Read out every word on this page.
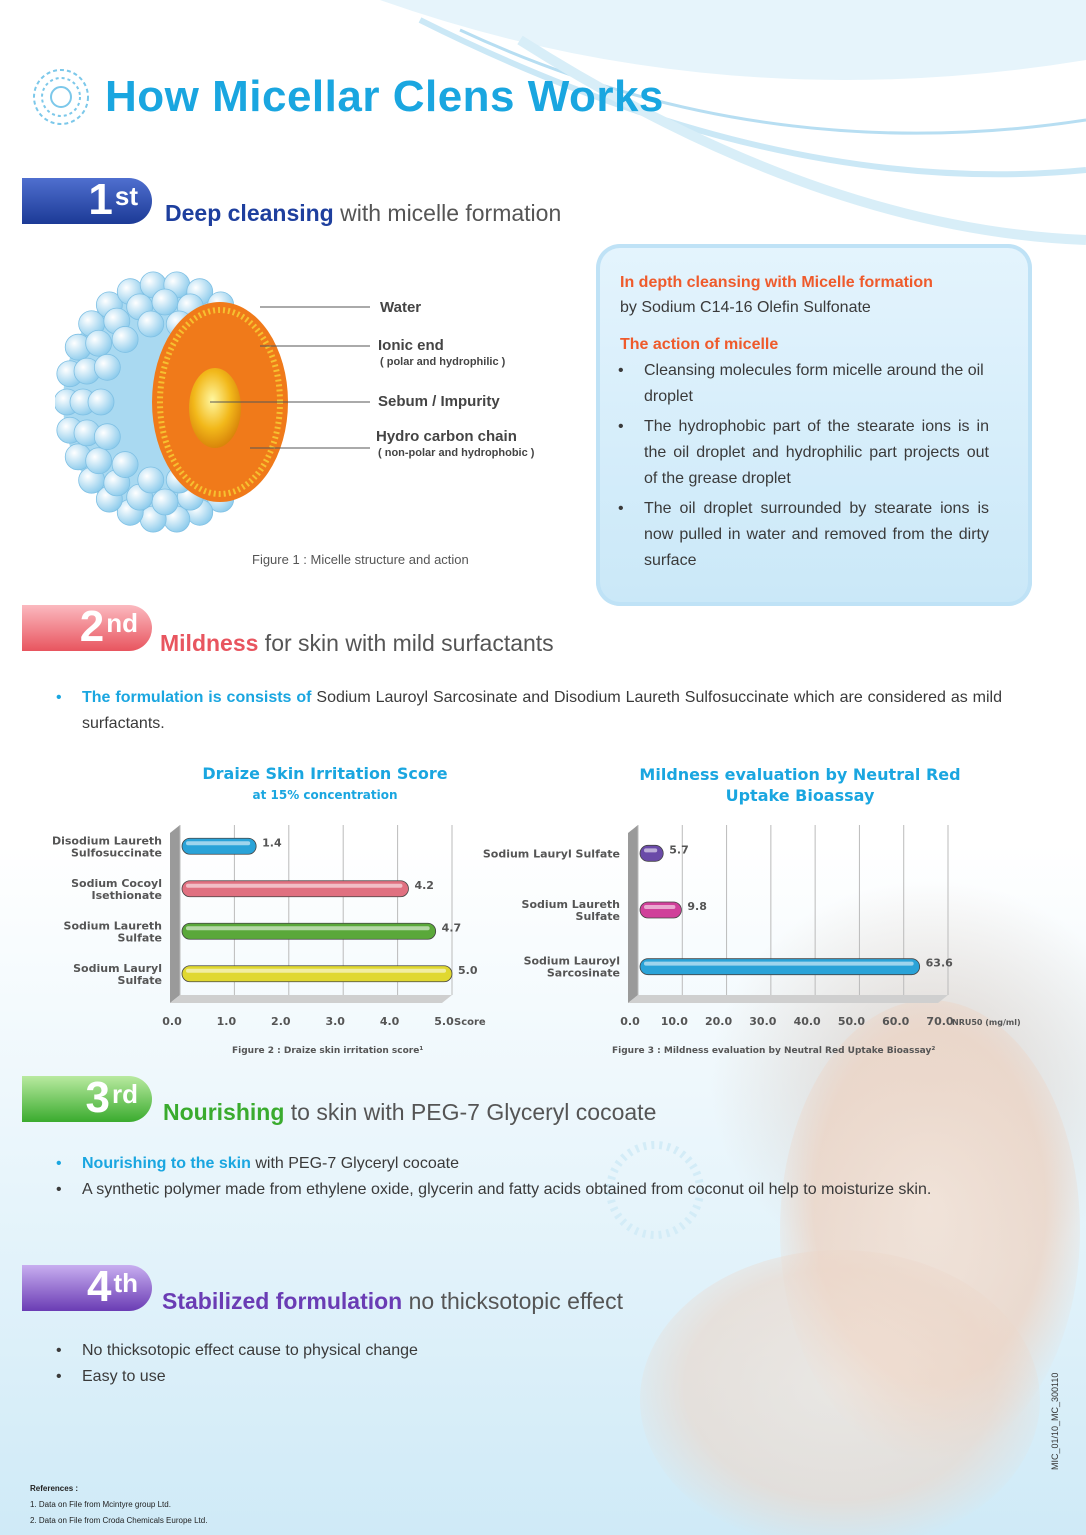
How Micellar Clens Works
1st
Deep cleansing with micelle formation
Water
Ionic end
( polar and hydrophilic )
Sebum / Impurity
Hydro carbon chain
( non-polar and hydrophobic )
Figure 1 : Micelle structure and action
In depth cleansing with Micelle formation
by Sodium C14-16 Olefin Sulfonate
The action of micelle
• Cleansing molecules form micelle around the oil droplet
• The hydrophobic part of the stearate ions is in the oil droplet and hydrophilic part projects out of the grease droplet
• The oil droplet surrounded by stearate ions is now pulled in water and removed from the dirty surface
2nd
Mildness for skin with mild surfactants
• The formulation is consists of Sodium Lauroyl Sarcosinate and Disodium Laureth Sulfosuccinate which are considered as mild surfactants.
Draize Skin Irritation Score
at 15% concentration
0.0	1.0	2.0	3.0	4.0	5.0 Score
1.4
Disodium Laureth
Sulfosuccinate
4.2
Sodium Cocoyl
Isethionate
4.7
Sodium Laureth
Sulfate
5.0
Sodium Lauryl
Sulfate
Figure 2 : Draize skin irritation score¹
Mildness evaluation by Neutral Red
Uptake Bioassay
0.0 10.0 20.0 30.0 40.0 50.0 60.0 70.0
NRU50 (mg/ml)
5.7
Sodium Lauryl Sulfate
9.8
Sodium Laureth
Sulfate
63.6
Sodium Lauroyl
Sarcosinate
Figure 3 : Mildness evaluation by Neutral Red Uptake Bioassay²
3rd
Nourishing to skin with PEG-7 Glyceryl cocoate
• Nourishing to the skin with PEG-7 Glyceryl cocoate
• A synthetic polymer made from ethylene oxide, glycerin and fatty acids obtained from coconut oil help to moisturize skin.
4th
Stabilized formulation no thicksotopic effect
• No thicksotopic effect cause to physical change
• Easy to use
References :
1. Data on File from Mcintyre group Ltd.
2. Data on File from Croda Chemicals Europe Ltd.
MIC_01/10_MC_300110
